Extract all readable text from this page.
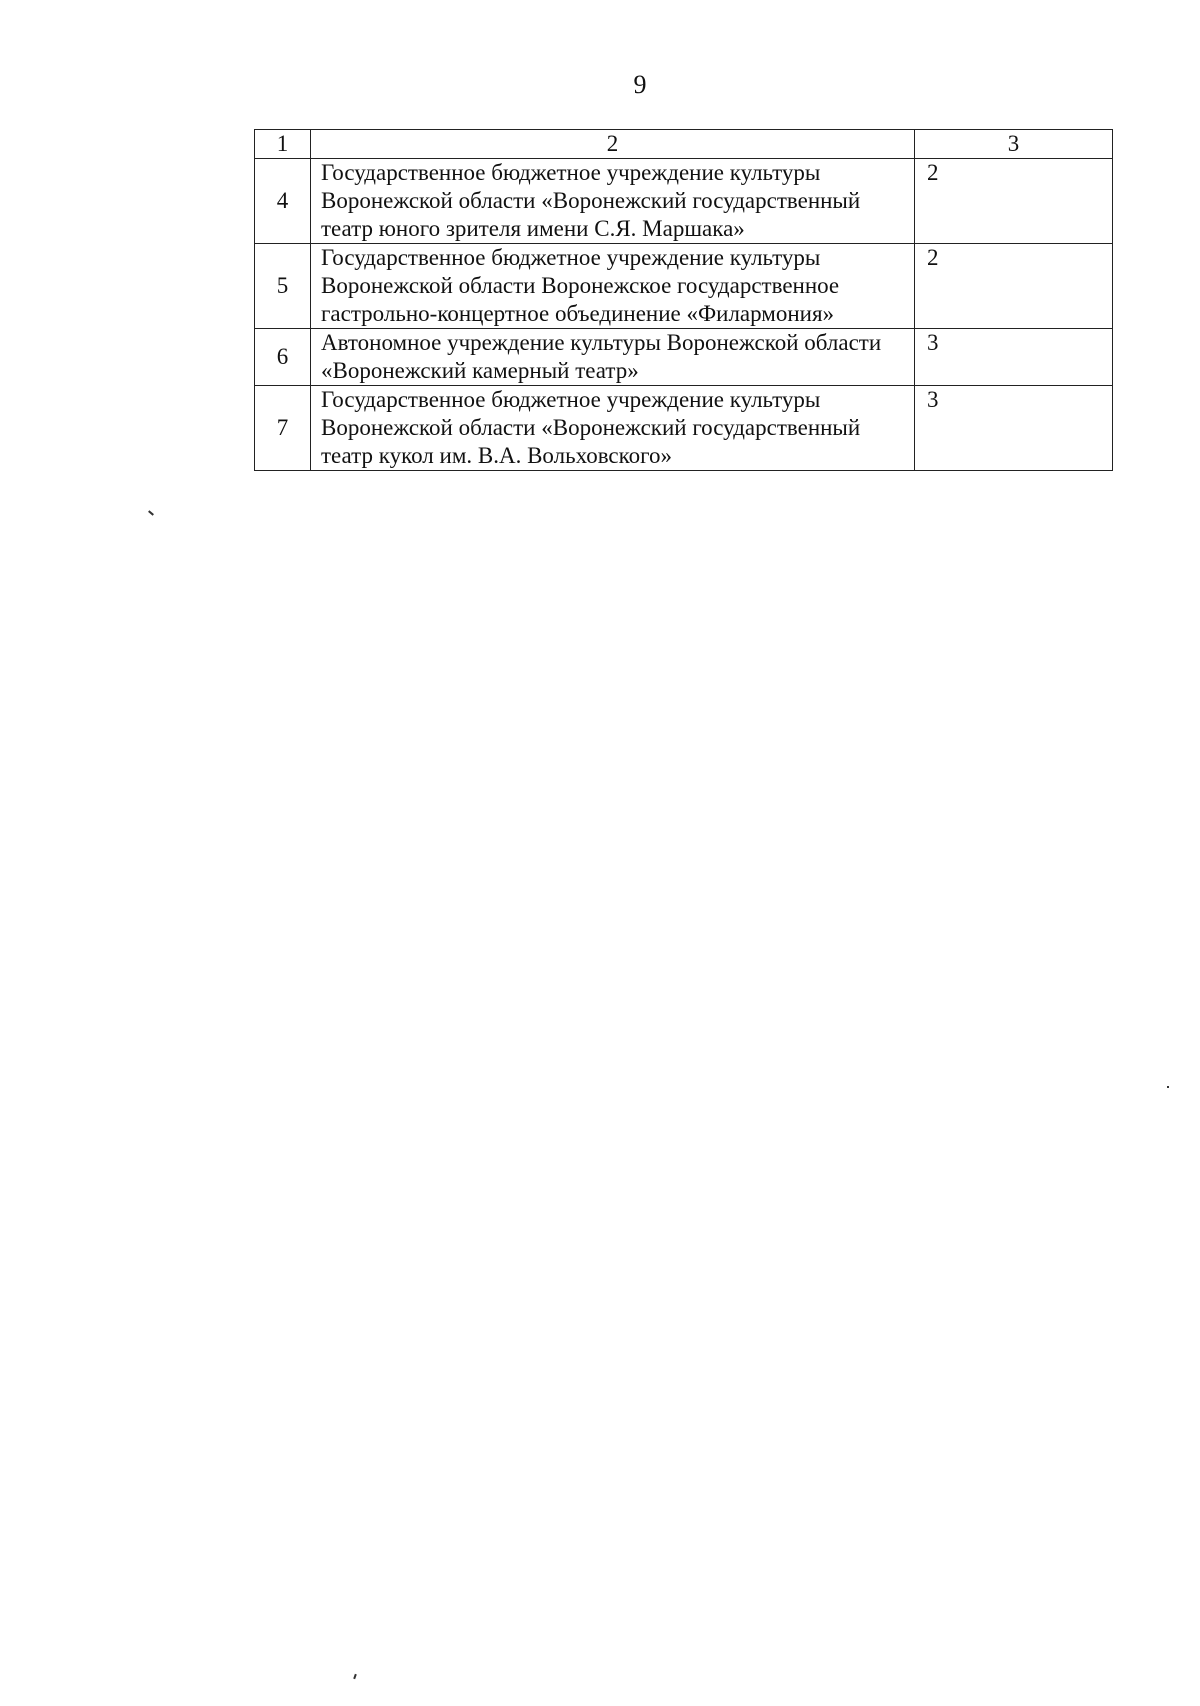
9
1	2	3
4	Государственное бюджетное учреждение культуры Воронежской области «Воронежский государственный театр юного зрителя имени С.Я. Маршака»	2
5	Государственное бюджетное учреждение культуры Воронежской области Воронежское государственное гастрольно-концертное объединение «Филармония»	2
6	Автономное учреждение культуры Воронежской области «Воронежский камерный театр»	3
7	Государственное бюджетное учреждение культуры Воронежской области «Воронежский государственный театр кукол им. В.А. Вольховского»	3
